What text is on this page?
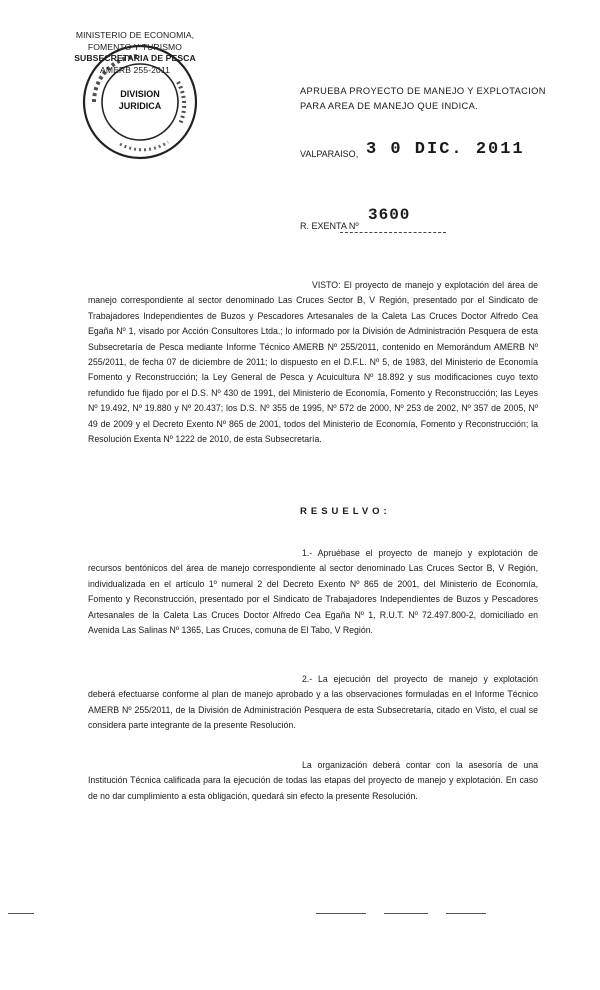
MINISTERIO DE ECONOMIA,
FOMENTO Y TURISMO
SUBSECRETARIA DE PESCA
AMERB 255-2011
DIVISION
JURIDICA
APRUEBA PROYECTO DE MANEJO Y EXPLOTACION
PARA AREA DE MANEJO QUE INDICA.
VALPARAISO, 3 0 DIC. 2011
R. EXENTA Nº
3600
VISTO: El proyecto de manejo y explotación del área de manejo correspondiente al sector denominado Las Cruces Sector B, V Región, presentado por el Sindicato de Trabajadores Independientes de Buzos y Pescadores Artesanales de la Caleta Las Cruces Doctor Alfredo Cea Egaña Nº 1, visado por Acción Consultores Ltda.; lo informado por la División de Administración Pesquera de esta Subsecretaría de Pesca mediante Informe Técnico AMERB Nº 255/2011, contenido en Memorándum AMERB Nº 255/2011, de fecha 07 de diciembre de 2011; lo dispuesto en el D.F.L. Nº 5, de 1983, del Ministerio de Economía Fomento y Reconstrucción; la Ley General de Pesca y Acuicultura Nº 18.892 y sus modificaciones cuyo texto refundido fue fijado por el D.S. Nº 430 de 1991, del Ministerio de Economía, Fomento y Reconstrucción; las Leyes Nº 19.492, Nº 19.880 y Nº 20.437; los D.S. Nº 355 de 1995, Nº 572 de 2000, Nº 253 de 2002, Nº 357 de 2005, Nº 49 de 2009 y el Decreto Exento Nº 865 de 2001, todos del Ministerio de Economía, Fomento y Reconstrucción; la Resolución Exenta Nº 1222 de 2010, de esta Subsecretaría.
RESUELVO:
1.- Apruébase el proyecto de manejo y explotación de recursos bentónicos del área de manejo correspondiente al sector denominado Las Cruces Sector B, V Región, individualizada en el artículo 1º numeral 2 del Decreto Exento Nº 865 de 2001, del Ministerio de Economía, Fomento y Reconstrucción, presentado por el Sindicato de Trabajadores Independientes de Buzos y Pescadores Artesanales de la Caleta Las Cruces Doctor Alfredo Cea Egaña Nº 1, R.U.T. Nº 72.497.800-2, domiciliado en Avenida Las Salinas Nº 1365, Las Cruces, comuna de El Tabo, V Región.
2.- La ejecución del proyecto de manejo y explotación deberá efectuarse conforme al plan de manejo aprobado y a las observaciones formuladas en el Informe Técnico AMERB Nº 255/2011, de la División de Administración Pesquera de esta Subsecretaría, citado en Visto, el cual se considera parte integrante de la presente Resolución.
La organización deberá contar con la asesoría de una Institución Técnica calificada para la ejecución de todas las etapas del proyecto de manejo y explotación. En caso de no dar cumplimiento a esta obligación, quedará sin efecto la presente Resolución.
